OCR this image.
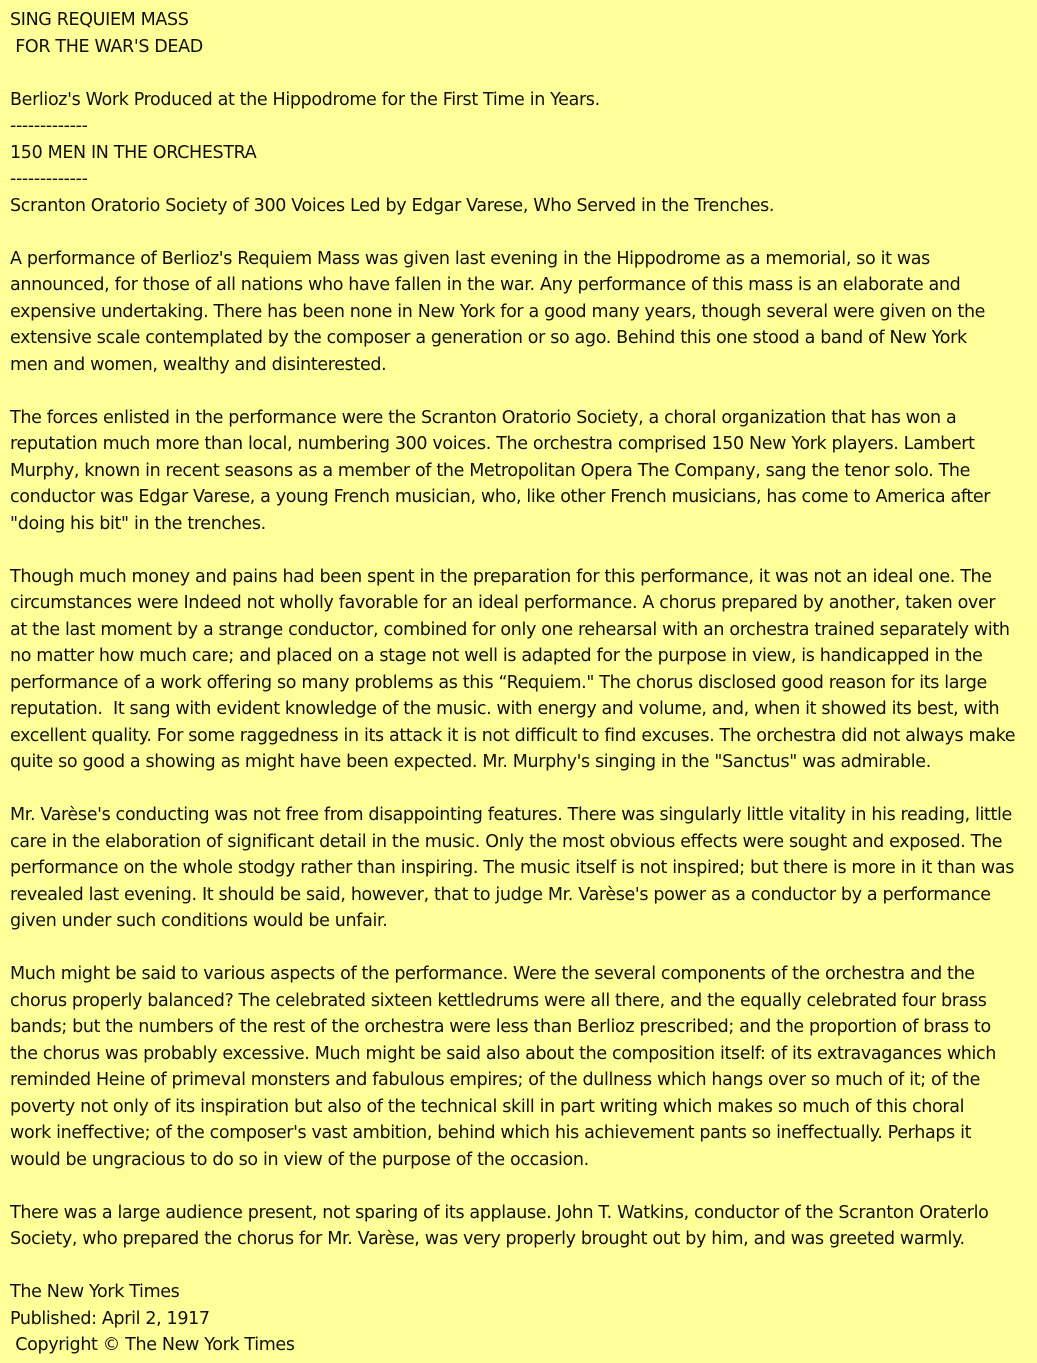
SING REQUIEM MASS
FOR THE WAR'S DEAD
Berlioz's Work Produced at the Hippodrome for the First Time in Years.
-------------
150 MEN IN THE ORCHESTRA
-------------
Scranton Oratorio Society of 300 Voices Led by Edgar Varese, Who Served in the Trenches.
A performance of Berlioz's Requiem Mass was given last evening in the Hippodrome as a memorial, so it was
announced, for those of all nations who have fallen in the war. Any performance of this mass is an elaborate and
expensive undertaking. There has been none in New York for a good many years, though several were given on the
extensive scale contemplated by the composer a generation or so ago. Behind this one stood a band of New York
men and women, wealthy and disinterested.
The forces enlisted in the performance were the Scranton Oratorio Society, a choral organization that has won a
reputation much more than local, numbering 300 voices. The orchestra comprised 150 New York players. Lambert
Murphy, known in recent seasons as a member of the Metropolitan Opera The Company, sang the tenor solo. The
conductor was Edgar Varese, a young French musician, who, like other French musicians, has come to America after
"doing his bit" in the trenches.
Though much money and pains had been spent in the preparation for this performance, it was not an ideal one. The
circumstances were Indeed not wholly favorable for an ideal performance. A chorus prepared by another, taken over
at the last moment by a strange conductor, combined for only one rehearsal with an orchestra trained separately with
no matter how much care; and placed on a stage not well is adapted for the purpose in view, is handicapped in the
performance of a work offering so many problems as this “Requiem." The chorus disclosed good reason for its large
reputation.  It sang with evident knowledge of the music. with energy and volume, and, when it showed its best, with
excellent quality. For some raggedness in its attack it is not difficult to find excuses. The orchestra did not always make
quite so good a showing as might have been expected. Mr. Murphy's singing in the "Sanctus" was admirable.
Mr. Varèse's conducting was not free from disappointing features. There was singularly little vitality in his reading, little
care in the elaboration of significant detail in the music. Only the most obvious effects were sought and exposed. The
performance on the whole stodgy rather than inspiring. The music itself is not inspired; but there is more in it than was
revealed last evening. It should be said, however, that to judge Mr. Varèse's power as a conductor by a performance
given under such conditions would be unfair.
Much might be said to various aspects of the performance. Were the several components of the orchestra and the
chorus properly balanced? The celebrated sixteen kettledrums were all there, and the equally celebrated four brass
bands; but the numbers of the rest of the orchestra were less than Berlioz prescribed; and the proportion of brass to
the chorus was probably excessive. Much might be said also about the composition itself: of its extravagances which
reminded Heine of primeval monsters and fabulous empires; of the dullness which hangs over so much of it; of the
poverty not only of its inspiration but also of the technical skill in part writing which makes so much of this choral
work ineffective; of the composer's vast ambition, behind which his achievement pants so ineffectually. Perhaps it
would be ungracious to do so in view of the purpose of the occasion.
There was a large audience present, not sparing of its applause. John T. Watkins, conductor of the Scranton Oraterlo
Society, who prepared the chorus for Mr. Varèse, was very properly brought out by him, and was greeted warmly.
The New York Times
Published: April 2, 1917
Copyright © The New York Times
